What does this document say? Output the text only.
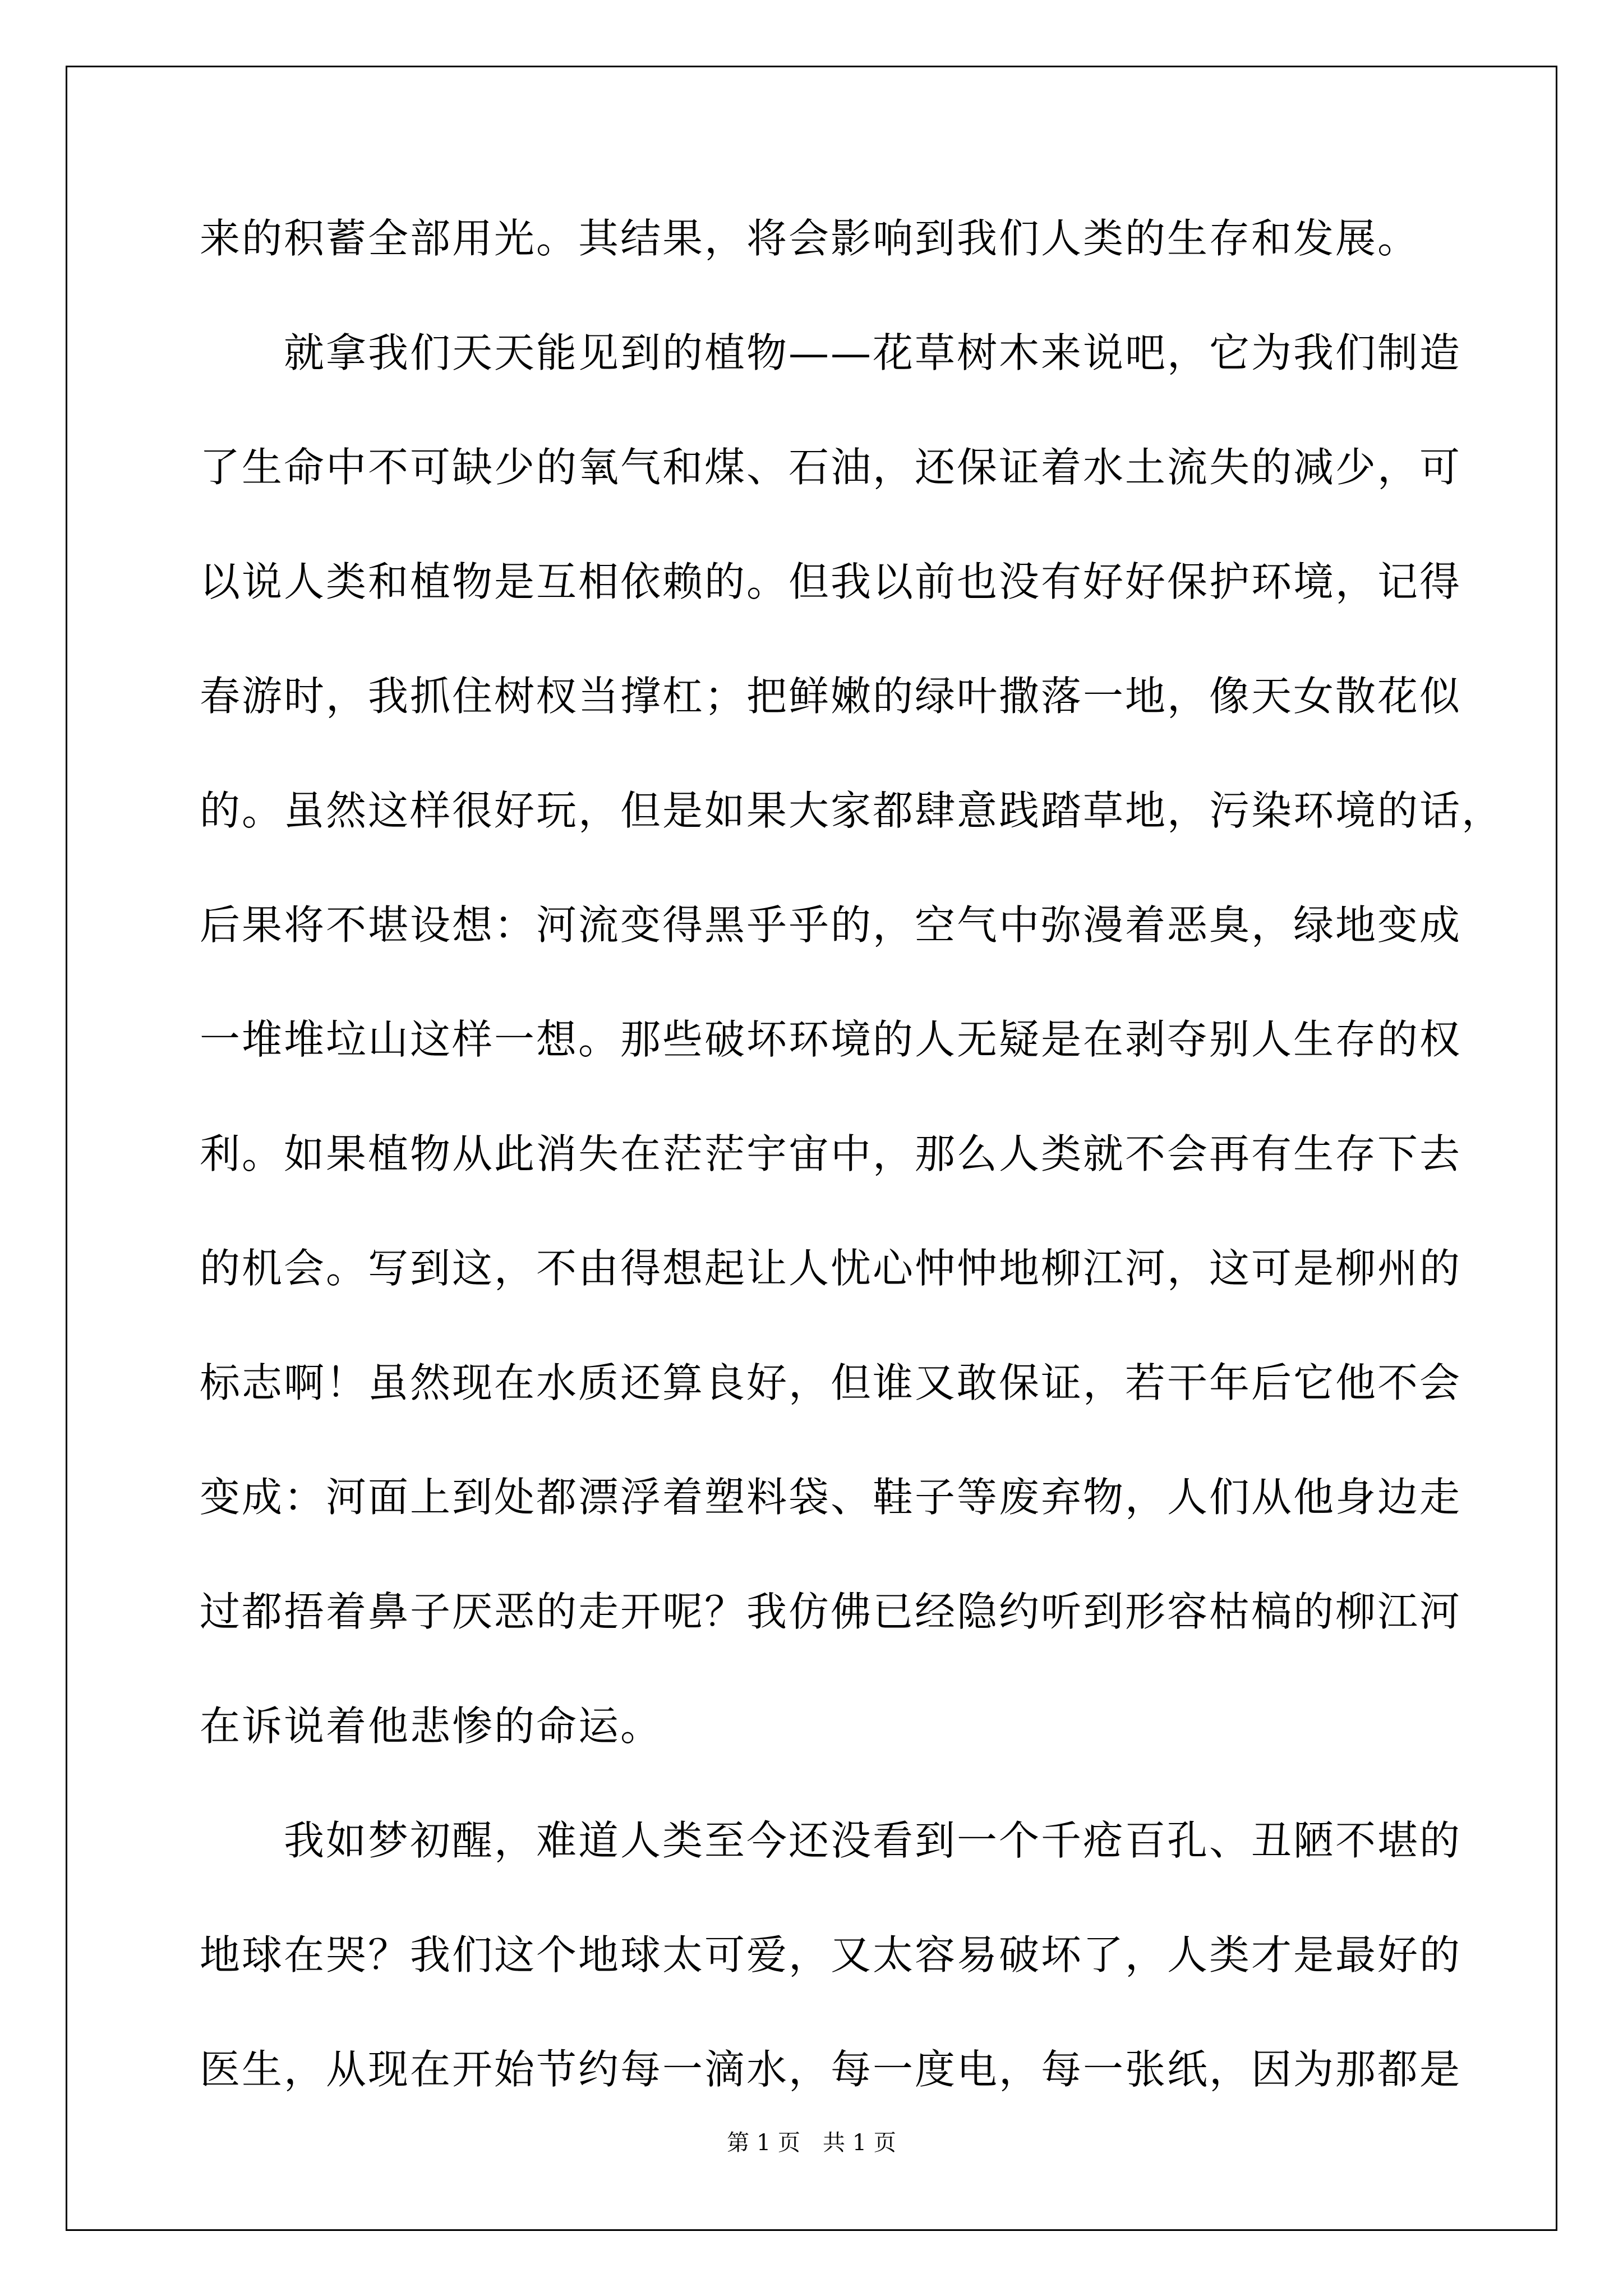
来的积蓄全部用光。其结果，将会影响到我们人类的生存和发展。
　　就拿我们天天能见到的植物——花草树木来说吧，它为我们制造
了生命中不可缺少的氧气和煤、石油，还保证着水土流失的减少，可
以说人类和植物是互相依赖的。但我以前也没有好好保护环境，记得
春游时，我抓住树杈当撑杠；把鲜嫩的绿叶撒落一地，像天女散花似
的。虽然这样很好玩，但是如果大家都肆意践踏草地，污染环境的话，
后果将不堪设想：河流变得黑乎乎的，空气中弥漫着恶臭，绿地变成
一堆堆垃山这样一想。那些破坏环境的人无疑是在剥夺别人生存的权
利。如果植物从此消失在茫茫宇宙中，那么人类就不会再有生存下去
的机会。写到这，不由得想起让人忧心忡忡地柳江河，这可是柳州的
标志啊！虽然现在水质还算良好，但谁又敢保证，若干年后它他不会
变成：河面上到处都漂浮着塑料袋、鞋子等废弃物，人们从他身边走
过都捂着鼻子厌恶的走开呢？我仿佛已经隐约听到形容枯槁的柳江河
在诉说着他悲惨的命运。
　　我如梦初醒，难道人类至今还没看到一个千疮百孔、丑陋不堪的
地球在哭？我们这个地球太可爱，又太容易破坏了，人类才是最好的
医生，从现在开始节约每一滴水，每一度电，每一张纸，因为那都是
第 1 页　共 1 页
